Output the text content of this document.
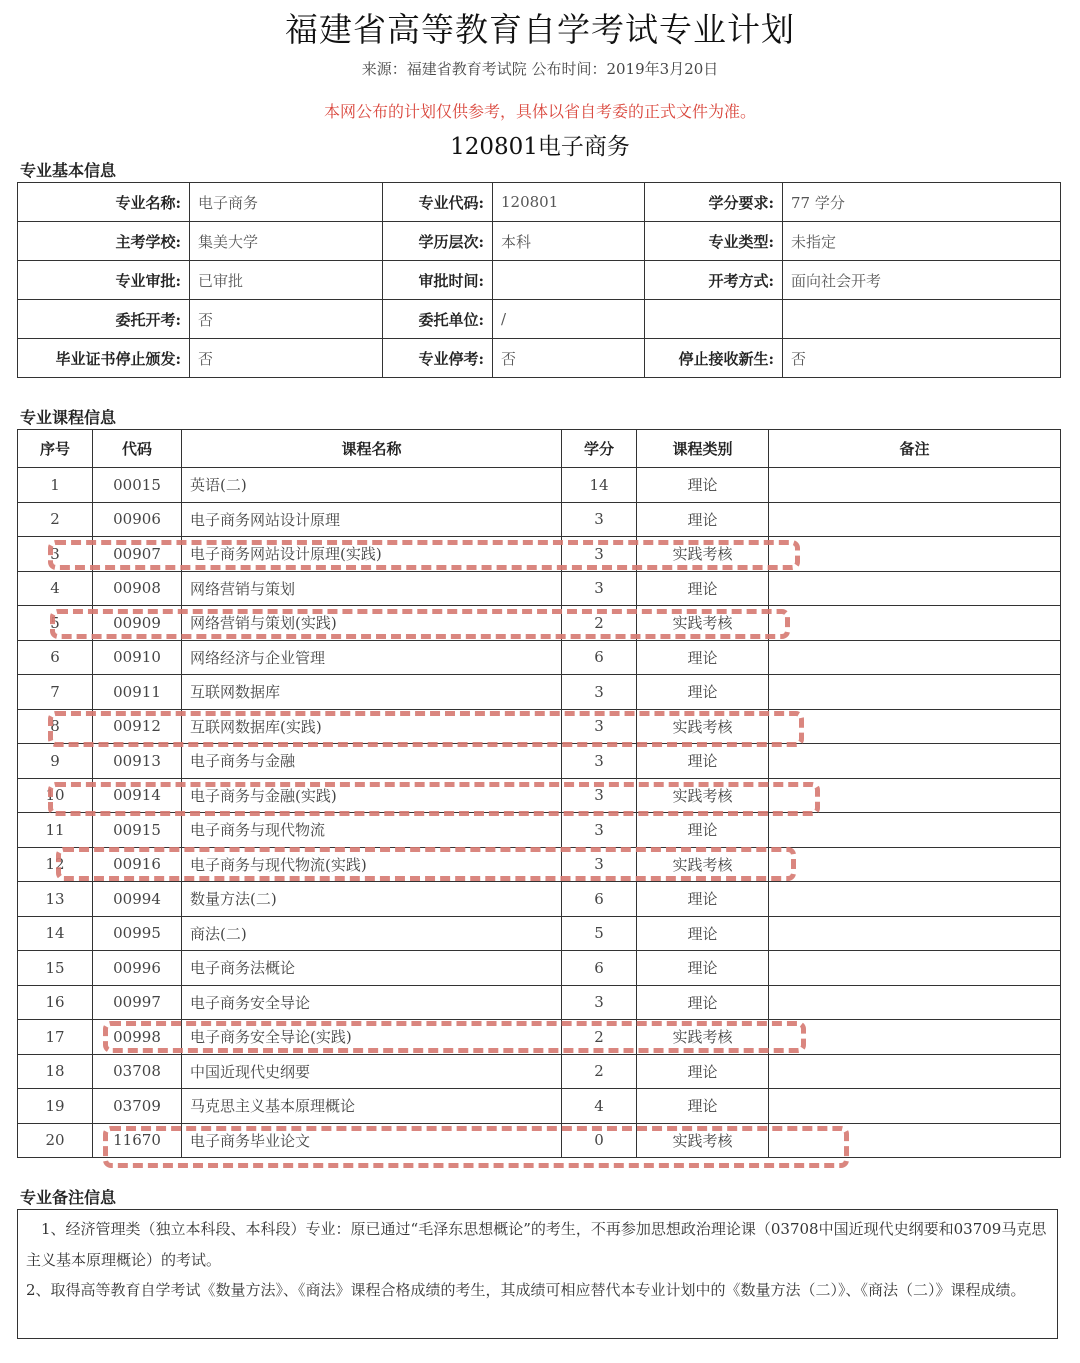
福建省高等教育自学考试专业计划
来源：福建省教育考试院 公布时间：2019年3月20日
本网公布的计划仅供参考，具体以省自考委的正式文件为准。
120801电子商务
专业基本信息
专业名称:	电子商务	专业代码:	120801	学分要求:	77 学分
主考学校:	集美大学	学历层次:	本科	专业类型:	未指定
专业审批:	已审批	审批时间:		开考方式:	面向社会开考
委托开考:	否	委托单位:	/		
毕业证书停止颁发:	否	专业停考:	否	停止接收新生:	否
专业课程信息
序号	代码	课程名称	学分	课程类别	备注
1	00015	英语(二)	14	理论	
2	00906	电子商务网站设计原理	3	理论	
3	00907	电子商务网站设计原理(实践)	3	实践考核	
4	00908	网络营销与策划	3	理论	
5	00909	网络营销与策划(实践)	2	实践考核	
6	00910	网络经济与企业管理	6	理论	
7	00911	互联网数据库	3	理论	
8	00912	互联网数据库(实践)	3	实践考核	
9	00913	电子商务与金融	3	理论	
10	00914	电子商务与金融(实践)	3	实践考核	
11	00915	电子商务与现代物流	3	理论	
12	00916	电子商务与现代物流(实践)	3	实践考核	
13	00994	数量方法(二)	6	理论	
14	00995	商法(二)	5	理论	
15	00996	电子商务法概论	6	理论	
16	00997	电子商务安全导论	3	理论	
17	00998	电子商务安全导论(实践)	2	实践考核	
18	03708	中国近现代史纲要	2	理论	
19	03709	马克思主义基本原理概论	4	理论	
20	11670	电子商务毕业论文	0	实践考核	
专业备注信息

1、经济管理类（独立本科段、本科段）专业：原已通过“毛泽东思想概论”的考生，不再参加思想政治理论课（03708中国近现代史纲要和03709马克思主义基本原理概论）的考试。

2、取得高等教育自学考试《数量方法》、《商法》课程合格成绩的考生，其成绩可相应替代本专业计划中的《数量方法（二）》、《商法（二）》课程成绩。
